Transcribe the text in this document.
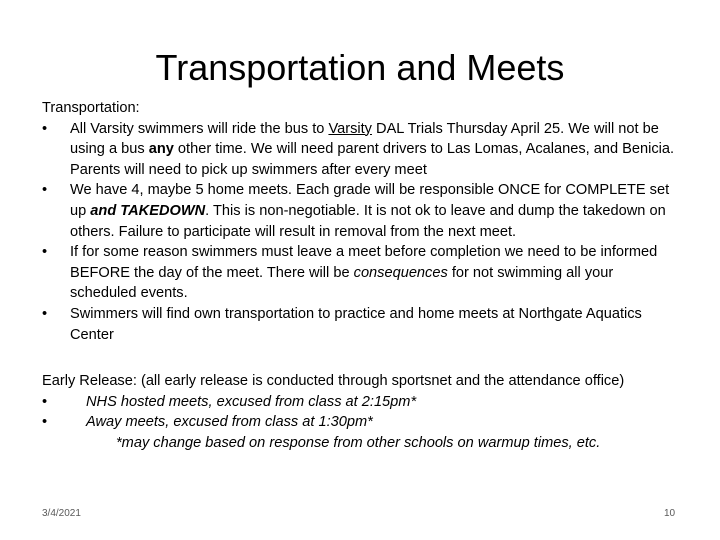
Transportation and Meets
Transportation:
•	All Varsity swimmers will ride the bus to Varsity DAL Trials Thursday April 25. We will not be using a bus any other time. We will need parent drivers to Las Lomas, Acalanes, and Benicia. Parents will need to pick up swimmers after every meet
•	We have 4, maybe 5 home meets. Each grade will be responsible ONCE for COMPLETE set up and TAKEDOWN. This is non-negotiable. It is not ok to leave and dump the takedown on others. Failure to participate will result in removal from the next meet.
•	If for some reason swimmers must leave a meet before completion we need to be informed BEFORE the day of the meet. There will be consequences for not swimming all your scheduled events.
•	Swimmers will find own transportation to practice and home meets at Northgate Aquatics Center
Early Release: (all early release is conducted through sportsnet and the attendance office)
•	NHS hosted meets, excused from class at 2:15pm*
•	Away meets, excused from class at 1:30pm*
*may change based on response from other schools on warmup times, etc.
3/4/2021	10
